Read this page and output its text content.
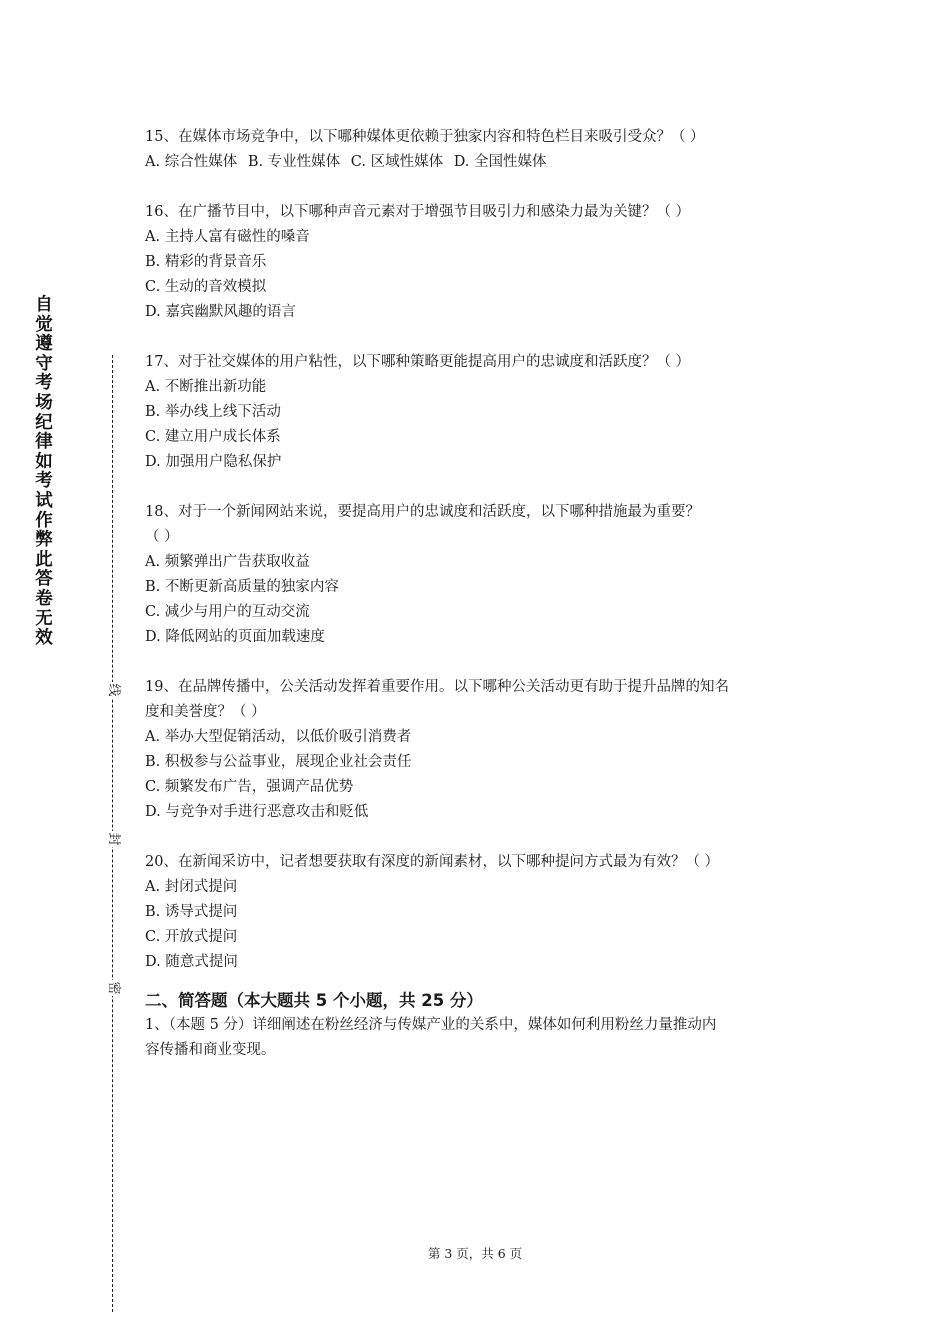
自
觉
遵
守
考
场
纪
律
如
考
试
作
弊
此
答
卷
无
效
线
封
密

15、在媒体市场竞争中，以下哪种媒体更依赖于独家内容和特色栏目来吸引受众？（ ）

A. 综合性媒体 B. 专业性媒体 C. 区域性媒体 D. 全国性媒体

16、在广播节目中，以下哪种声音元素对于增强节目吸引力和感染力最为关键？（ ）

A. 主持人富有磁性的嗓音

B. 精彩的背景音乐

C. 生动的音效模拟

D. 嘉宾幽默风趣的语言

17、对于社交媒体的用户粘性，以下哪种策略更能提高用户的忠诚度和活跃度？（ ）

A. 不断推出新功能

B. 举办线上线下活动

C. 建立用户成长体系

D. 加强用户隐私保护

18、对于一个新闻网站来说，要提高用户的忠诚度和活跃度，以下哪种措施最为重要？

（ ）

A. 频繁弹出广告获取收益

B. 不断更新高质量的独家内容

C. 减少与用户的互动交流

D. 降低网站的页面加载速度

19、在品牌传播中，公关活动发挥着重要作用。以下哪种公关活动更有助于提升品牌的知名

度和美誉度？（ ）

A. 举办大型促销活动，以低价吸引消费者

B. 积极参与公益事业，展现企业社会责任

C. 频繁发布广告，强调产品优势

D. 与竞争对手进行恶意攻击和贬低

20、在新闻采访中，记者想要获取有深度的新闻素材，以下哪种提问方式最为有效？（ ）

A. 封闭式提问

B. 诱导式提问

C. 开放式提问

D. 随意式提问

二、简答题（本大题共 5 个小题，共 25 分）

1、（本题 5 分）详细阐述在粉丝经济与传媒产业的关系中，媒体如何利用粉丝力量推动内

容传播和商业变现。

第 3 页，共 6 页
